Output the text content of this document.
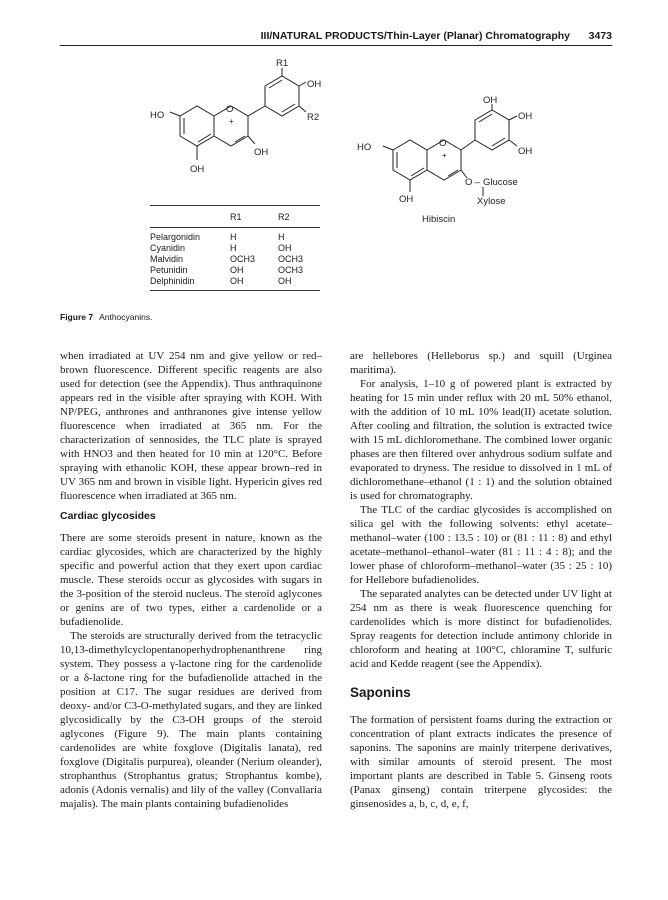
III/NATURAL PRODUCTS/Thin-Layer (Planar) Chromatography 3473
R1
OH
R2
HO
O
+
OH
OH
OH
OH
OH
HO	O
+
O – Glucose
Xylose
OH
Hibiscin
R1	R2
Pelargonidin	H	H
Cyanidin	H	OH
Malvidin	OCH3	OCH3
Petunidin	OH	OCH3
Delphinidin	OH	OH
Figure 7 Anthocyanins.

when irradiated at UV 254 nm and give yellow or red–brown fluorescence. Different specific reagents are also used for detection (see the Appendix). Thus anthraquinone appears red in the visible after spraying with KOH. With NP/PEG, anthrones and anthranones give intense yellow fluorescence when irradiated at 365 nm. For the characterization of sennosides, the TLC plate is sprayed with HNO3 and then heated for 10 min at 120°C. Before spraying with ethanolic KOH, these appear brown–red in UV 365 nm and brown in visible light. Hypericin gives red fluorescence when irradiated at 365 nm.

Cardiac glycosides

There are some steroids present in nature, known as the cardiac glycosides, which are characterized by the highly specific and powerful action that they exert upon cardiac muscle. These steroids occur as glycosides with sugars in the 3-position of the steroid nucleus. The steroid aglycones or genins are of two types, either a cardenolide or a bufadienolide.

The steroids are structurally derived from the tetracyclic 10,13-dimethylcyclopentanoperhydrophenanthrene ring system. They possess a γ-lactone ring for the cardenolide or a δ-lactone ring for the bufadienolide attached in the position at C17. The sugar residues are derived from deoxy- and/or C3-O-methylated sugars, and they are linked glycosidically by the C3-OH groups of the steroid aglycones (Figure 9). The main plants containing cardenolides are white foxglove (Digitalis lanata), red foxglove (Digitalis purpurea), oleander (Nerium oleander), strophanthus (Strophantus gratus; Strophantus kombe), adonis (Adonis vernalis) and lily of the valley (Convallaria majalis). The main plants containing bufadienolides

are hellebores (Helleborus sp.) and squill (Urginea maritima).

For analysis, 1–10 g of powered plant is extracted by heating for 15 min under reflux with 20 mL 50% ethanol, with the addition of 10 mL 10% lead(II) acetate solution. After cooling and filtration, the solution is extracted twice with 15 mL dichloromethane. The combined lower organic phases are then filtered over anhydrous sodium sulfate and evaporated to dryness. The residue to dissolved in 1 mL of dichloromethane–ethanol (1 : 1) and the solution obtained is used for chromatography.

The TLC of the cardiac glycosides is accomplished on silica gel with the following solvents: ethyl acetate–methanol–water (100 : 13.5 : 10) or (81 : 11 : 8) and ethyl acetate–methanol–ethanol–water (81 : 11 : 4 : 8); and the lower phase of chloroform–methanol–water (35 : 25 : 10) for Hellebore bufadienolides.

The separated analytes can be detected under UV light at 254 nm as there is weak fluorescence quenching for cardenolides which is more distinct for bufadienolides. Spray reagents for detection include antimony chloride in chloroform and heating at 100°C, chloramine T, sulfuric acid and Kedde reagent (see the Appendix).

Saponins

The formation of persistent foams during the extraction or concentration of plant extracts indicates the presence of saponins. The saponins are mainly triterpene derivatives, with similar amounts of steroid present. The most important plants are described in Table 5. Ginseng roots (Panax ginseng) contain triterpene glycosides: the ginsenosides a, b, c, d, e, f,
